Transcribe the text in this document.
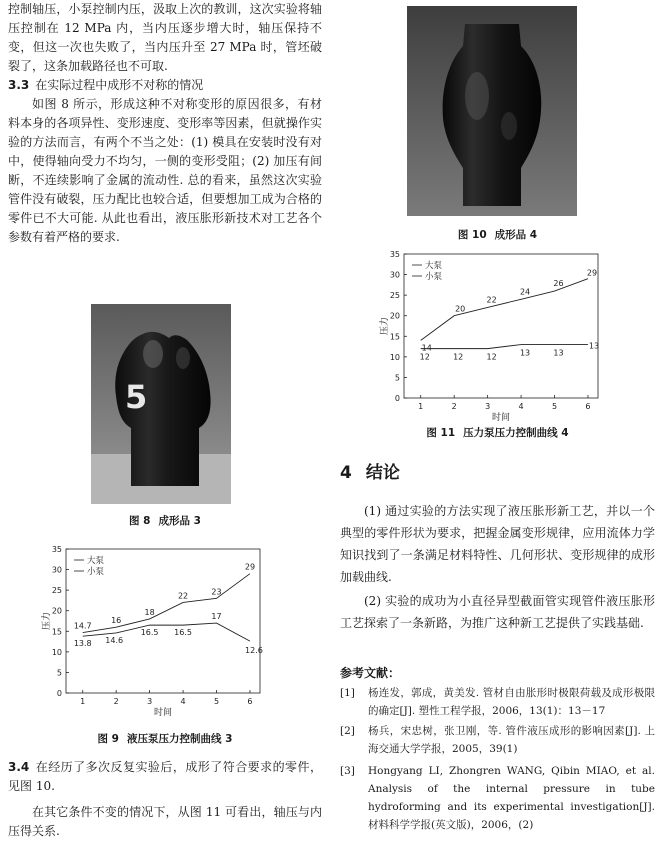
控制轴压，小泵控制内压，汲取上次的教训，这次实验将轴压控制在 12 MPa 内，当内压逐步增大时，轴压保持不变，但这一次也失败了，当内压升至 27 MPa 时，管坯破裂了，这条加载路径也不可取.

3.3 在实际过程中成形不对称的情况

如图 8 所示，形成这种不对称变形的原因很多，有材料本身的各项异性、变形速度、变形率等因素，但就操作实验的方法而言，有两个不当之处：(1) 模具在安装时没有对中，使得轴向受力不均匀，一侧的变形受阻；(2) 加压有间断，不连续影响了金属的流动性. 总的看来，虽然这次实验管件没有破裂，压力配比也较合适，但要想加工成为合格的零件已不大可能. 从此也看出，液压胀形新技术对工艺各个参数有着严格的要求.

5
图 8 成形品 3
0
5
10
15
20
25
30
35
1	2	3	4	5	6
时间
压力
大泵
小泵
14.7
16
18
22	23
29
13.8 14.6
16.5 16.5
17
12.6
图 9 液压泵压力控制曲线 3

3.4 在经历了多次反复实验后，成形了符合要求的零件，见图 10.

在其它条件不变的情况下，从图 11 可看出，轴压与内压得关系.

图 10 成形品 4
0
5
10
15
20
25
30
35
1	2	3	4	5	6
时间
压力
大泵
小泵
14
20
22
24
26
29
12	12	12	13	13
13
图 11 压力泵压力控制曲线 4
4 结论

(1) 通过实验的方法实现了液压胀形新工艺，并以一个典型的零件形状为要求，把握金属变形规律，应用流体力学知识找到了一条满足材料特性、几何形状、变形规律的成形加载曲线.

(2) 实验的成功为小直径异型截面管实现管件液压胀形工艺探索了一条新路，为推广这种新工艺提供了实践基础.

参考文献：
[1] 杨连发，郭成，黄美发. 管材自由胀形时极限荷载及成形极限的确定[J]. 塑性工程学报，2006，13(1)：13－17
[2] 杨兵，宋忠树，张卫刚，等. 管件液压成形的影响因素[J]. 上海交通大学学报，2005，39(1)
[3] Hongyang LI, Zhongren WANG, Qibin MIAO, et al. Analysis of the internal pressure in tube hydroforming and its experimental investigation[J]. 材料科学学报(英文版)，2006，(2)
